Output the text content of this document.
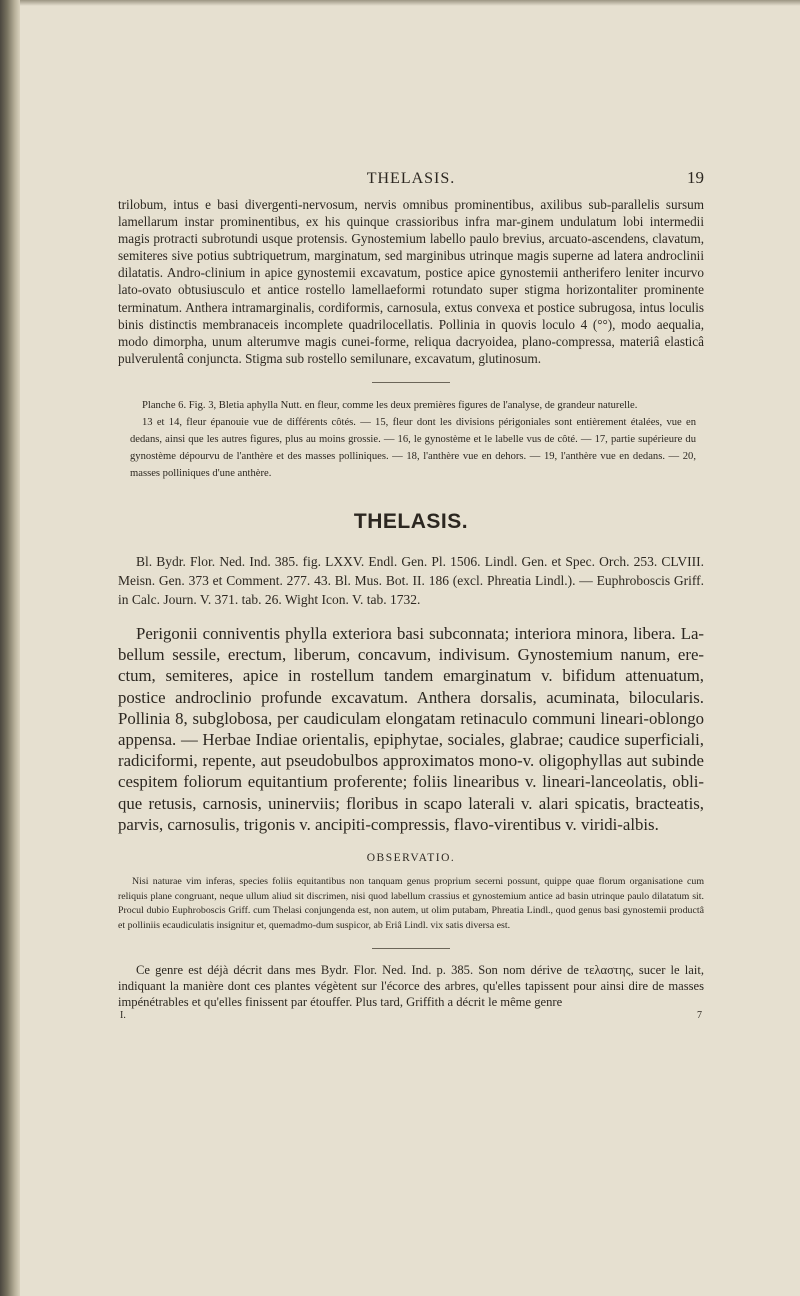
THELASIS.	19

trilobum, intus e basi divergenti-nervosum, nervis omnibus prominentibus, axilibus sub-parallelis sursum lamellarum instar prominentibus, ex his quinque crassioribus infra mar-ginem undulatum lobi intermedii magis protracti subrotundi usque protensis. Gynostemium labello paulo brevius, arcuato-ascendens, clavatum, semiteres sive potius subtriquetrum, marginatum, sed marginibus utrinque magis superne ad latera androclinii dilatatis. Andro-clinium in apice gynostemii excavatum, postice apice gynostemii antherifero leniter incurvo lato-ovato obtusiusculo et antice rostello lamellaeformi rotundato super stigma horizontaliter prominente terminatum. Anthera intramarginalis, cordiformis, carnosula, extus convexa et postice subrugosa, intus loculis binis distinctis membranaceis incomplete quadrilocellatis. Pollinia in quovis loculo 4 (°°), modo aequalia, modo dimorpha, unum alterumve magis cunei-forme, reliqua dacryoidea, plano-compressa, materiâ elasticâ pulverulentâ conjuncta. Stigma sub rostello semilunare, excavatum, glutinosum.

Planche 6. Fig. 3, Bletia aphylla Nutt. en fleur, comme les deux premières figures de l'analyse, de grandeur naturelle.

13 et 14, fleur épanouie vue de différents côtés. — 15, fleur dont les divisions périgoniales sont entièrement étalées, vue en dedans, ainsi que les autres figures, plus au moins grossie. — 16, le gynostème et le labelle vus de côté. — 17, partie supérieure du gynostème dépourvu de l'anthère et des masses polliniques. — 18, l'anthère vue en dehors. — 19, l'anthère vue en dedans. — 20, masses polliniques d'une anthère.

THELASIS.

Bl. Bydr. Flor. Ned. Ind. 385. fig. LXXV. Endl. Gen. Pl. 1506. Lindl. Gen. et Spec. Orch. 253. CLVIII. Meisn. Gen. 373 et Comment. 277. 43. Bl. Mus. Bot. II. 186 (excl. Phreatia Lindl.). — Euphroboscis Griff. in Calc. Journ. V. 371. tab. 26. Wight Icon. V. tab. 1732.

Perigonii conniventis phylla exteriora basi subconnata; interiora minora, libera. La-bellum sessile, erectum, liberum, concavum, indivisum. Gynostemium nanum, ere-ctum, semiteres, apice in rostellum tandem emarginatum v. bifidum attenuatum, postice androclinio profunde excavatum. Anthera dorsalis, acuminata, bilocularis. Pollinia 8, subglobosa, per caudiculam elongatam retinaculo communi lineari-oblongo appensa. — Herbae Indiae orientalis, epiphytae, sociales, glabrae; caudice superficiali, radiciformi, repente, aut pseudobulbos approximatos mono-v. oligophyllas aut subinde cespitem foliorum equitantium proferente; foliis linearibus v. lineari-lanceolatis, obli-que retusis, carnosis, uninerviis; floribus in scapo laterali v. alari spicatis, bracteatis, parvis, carnosulis, trigonis v. ancipiti-compressis, flavo-virentibus v. viridi-albis.

OBSERVATIO.

Nisi naturae vim inferas, species foliis equitantibus non tanquam genus proprium secerni possunt, quippe quae florum organisatione cum reliquis plane congruant, neque ullum aliud sit discrimen, nisi quod labellum crassius et gynostemium antice ad basin utrinque paulo dilatatum sit. Procul dubio Euphroboscis Griff. cum Thelasi conjungenda est, non autem, ut olim putabam, Phreatia Lindl., quod genus basi gynostemii productâ et polliniis ecaudiculatis insignitur et, quemadmo-dum suspicor, ab Eriâ Lindl. vix satis diversa est.

Ce genre est déjà décrit dans mes Bydr. Flor. Ned. Ind. p. 385. Son nom dérive de τελαστης, sucer le lait, indiquant la manière dont ces plantes végètent sur l'écorce des arbres, qu'elles tapissent pour ainsi dire de masses impénétrables et qu'elles finissent par étouffer. Plus tard, Griffith a décrit le même genre

I.	7
